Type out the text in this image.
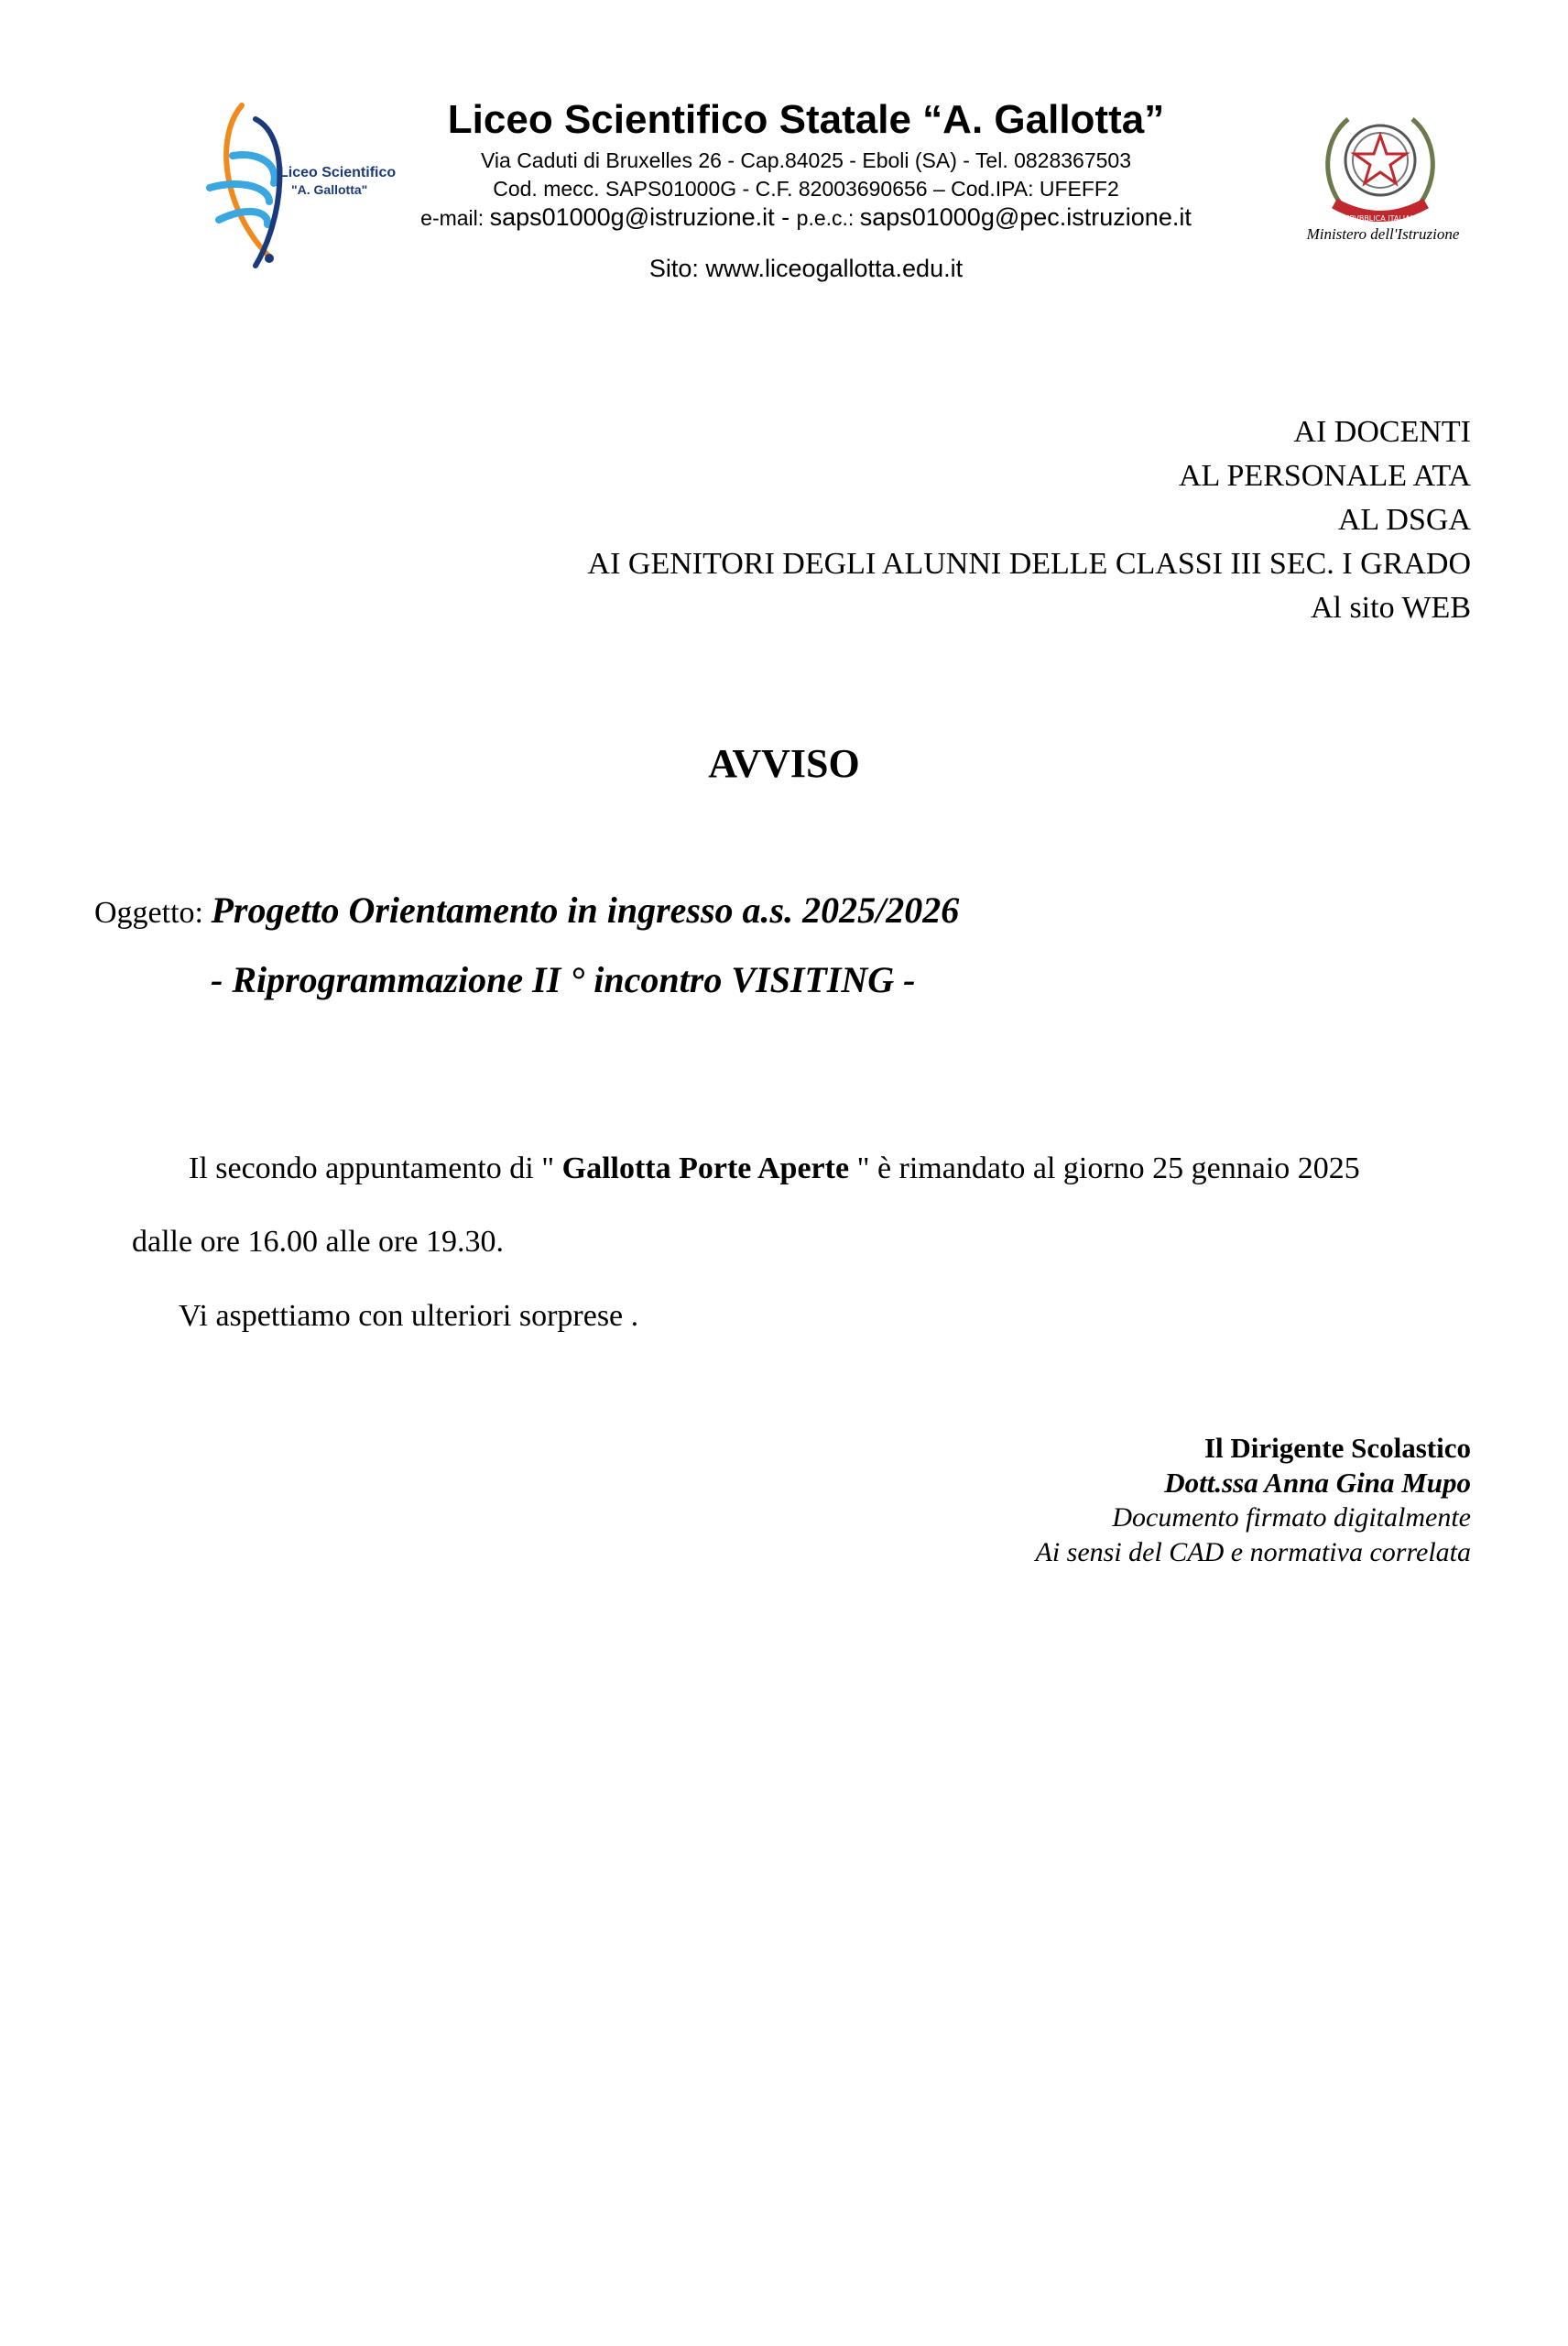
Liceo Scientifico
"A. Gallotta"
Liceo Scientifico Statale “A. Gallotta”
Via Caduti di Bruxelles 26 - Cap.84025 - Eboli (SA) - Tel. 0828367503
Cod. mecc. SAPS01000G - C.F. 82003690656 – Cod.IPA: UFEFF2
e-mail: saps01000g@istruzione.it - p.e.c.: saps01000g@pec.istruzione.it
Sito: www.liceogallotta.edu.it
REPVBBLICA ITALIANA
Ministero dell'Istruzione
AI DOCENTI
AL PERSONALE ATA
AL DSGA
AI GENITORI DEGLI ALUNNI DELLE CLASSI III SEC. I GRADO
Al sito WEB
AVVISO
Oggetto: Progetto Orientamento in ingresso a.s. 2025/2026
- Riprogrammazione II ° incontro VISITING -
Il secondo appuntamento di " Gallotta Porte Aperte " è rimandato al giorno 25 gennaio 2025
dalle ore 16.00 alle ore 19.30.
Vi aspettiamo con ulteriori sorprese .
Il Dirigente Scolastico
Dott.ssa Anna Gina Mupo
Documento firmato digitalmente
Ai sensi del CAD e normativa correlata
